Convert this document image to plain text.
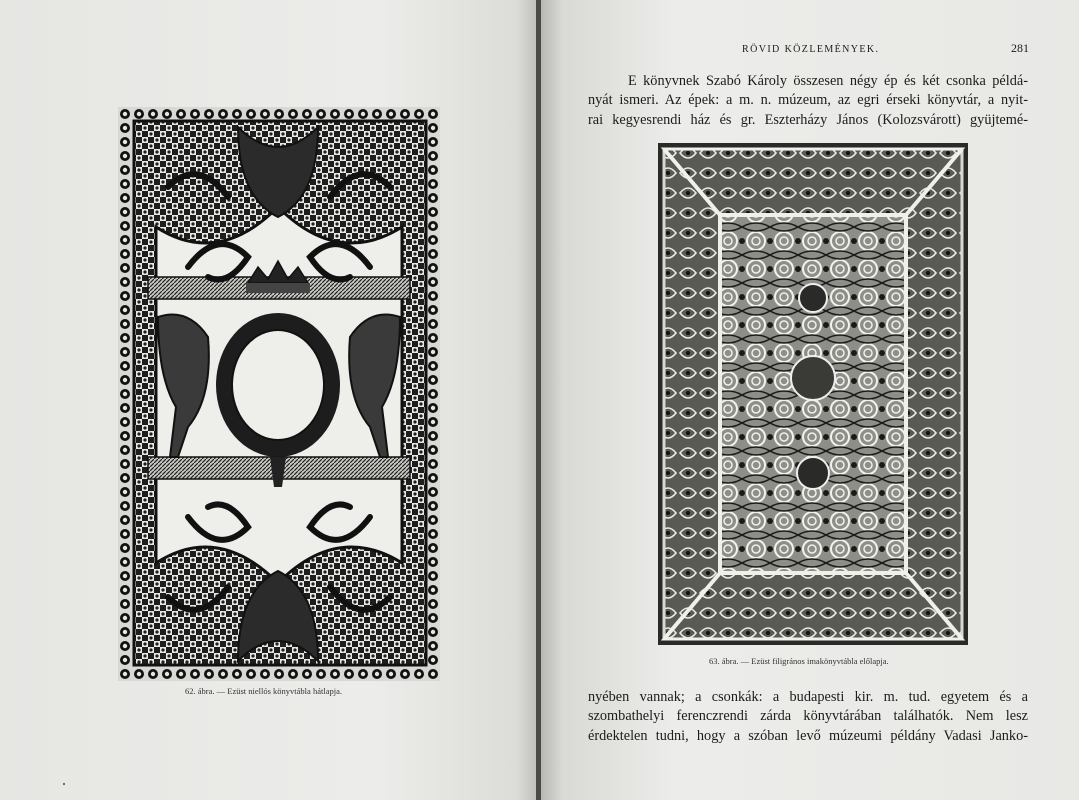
62. ábra. — Ezüst niellós könyvtábla hátlapja.
RÖVID KÖZLEMÉNYEK.	281
E könyvnek Szabó Károly összesen négy ép és két csonka példá-
nyát ismeri. Az épek: a m. n. múzeum, az egri érseki könyvtár, a nyit-
rai kegyesrendi ház és gr. Eszterházy János (Kolozsvárott) gyüjtemé-
63. ábra. — Ezüst filigrános imakönyvtábla előlapja.
nyében vannak; a csonkák: a budapesti kir. m. tud. egyetem és a
szombathelyi ferenczrendi zárda könyvtárában találhatók. Nem lesz
érdektelen tudni, hogy a szóban levő múzeumi példány Vadasi Janko-
